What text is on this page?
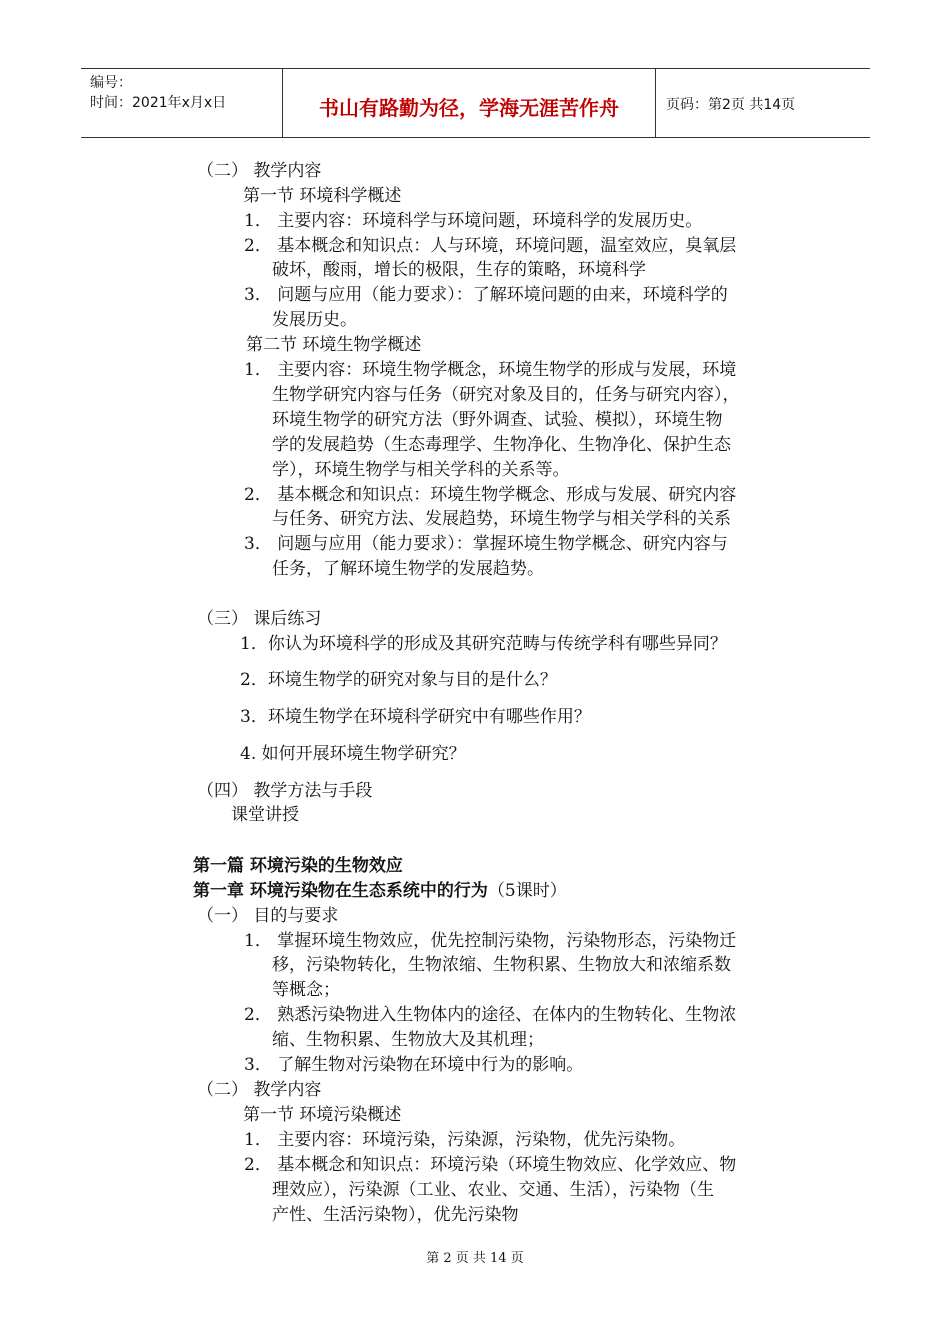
编号：
时间：2021年x月x日	书山有路勤为径，学海无涯苦作舟	页码：第2页 共14页
（二） 教学内容
第一节 环境科学概述
1． 主要内容：环境科学与环境问题，环境科学的发展历史。
2． 基本概念和知识点：人与环境，环境问题，温室效应，臭氧层
破坏，酸雨，增长的极限，生存的策略，环境科学
3． 问题与应用（能力要求）：了解环境问题的由来，环境科学的
发展历史。
第二节 环境生物学概述
1． 主要内容：环境生物学概念，环境生物学的形成与发展，环境
生物学研究内容与任务（研究对象及目的，任务与研究内容），
环境生物学的研究方法（野外调查、试验、模拟），环境生物
学的发展趋势（生态毒理学、生物净化、生物净化、保护生态
学），环境生物学与相关学科的关系等。
2． 基本概念和知识点：环境生物学概念、形成与发展、研究内容
与任务、研究方法、发展趋势，环境生物学与相关学科的关系
3． 问题与应用（能力要求）：掌握环境生物学概念、研究内容与
任务，了解环境生物学的发展趋势。
（三） 课后练习
1．你认为环境科学的形成及其研究范畴与传统学科有哪些异同？
2．环境生物学的研究对象与目的是什么？
3．环境生物学在环境科学研究中有哪些作用？
4. 如何开展环境生物学研究？
（四） 教学方法与手段
课堂讲授
第一篇 环境污染的生物效应
第一章 环境污染物在生态系统中的行为（5课时）
（一） 目的与要求
1． 掌握环境生物效应，优先控制污染物，污染物形态，污染物迁
移，污染物转化，生物浓缩、生物积累、生物放大和浓缩系数
等概念；
2． 熟悉污染物进入生物体内的途径、在体内的生物转化、生物浓
缩、生物积累、生物放大及其机理；
3． 了解生物对污染物在环境中行为的影响。
（二） 教学内容
第一节 环境污染概述
1． 主要内容：环境污染，污染源，污染物，优先污染物。
2． 基本概念和知识点：环境污染（环境生物效应、化学效应、物
理效应），污染源（工业、农业、交通、生活），污染物（生
产性、生活污染物），优先污染物
第 2 页 共 14 页
